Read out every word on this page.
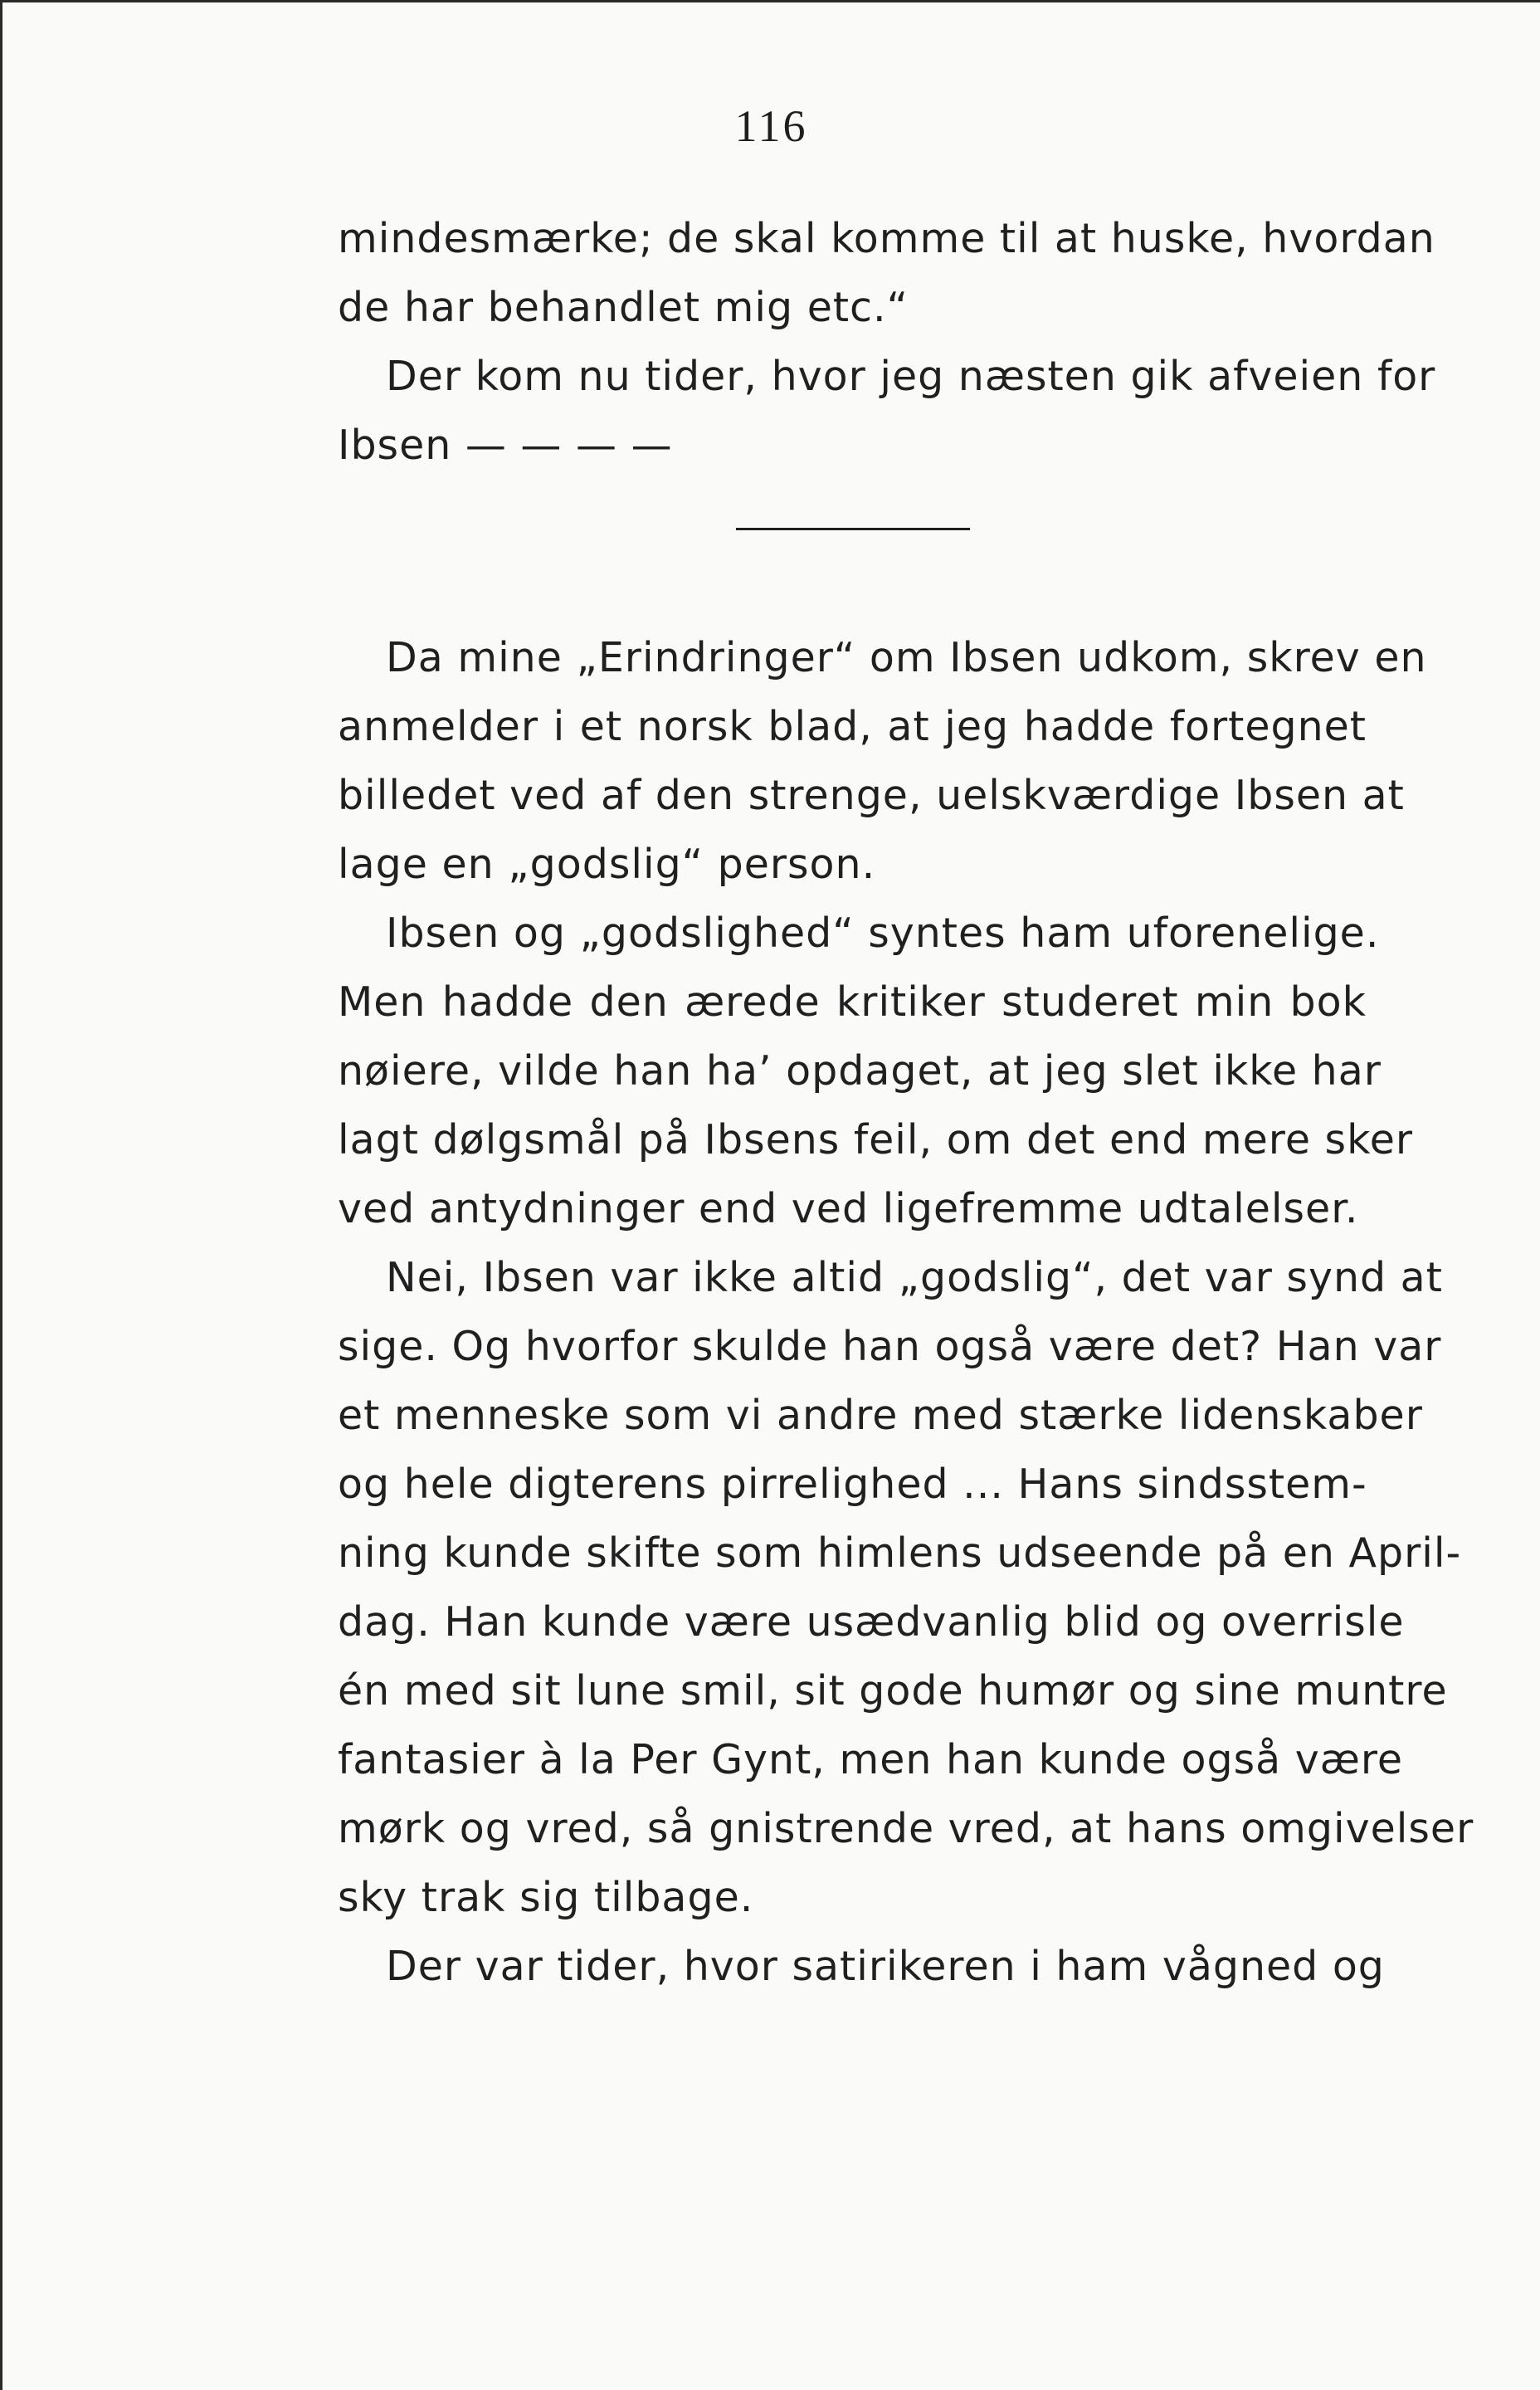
116
mindesmærke; de skal komme til at huske, hvordan
de har behandlet mig etc.“
Der kom nu tider, hvor jeg næsten gik afveien for
Ibsen — — — —
Da mine „Erindringer“ om Ibsen udkom, skrev en
anmelder i et norsk blad, at jeg hadde fortegnet
billedet ved af den strenge, uelskværdige Ibsen at
lage en „godslig“ person.
Ibsen og „godslighed“ syntes ham uforenelige.
Men hadde den ærede kritiker studeret min bok
nøiere, vilde han ha’ opdaget, at jeg slet ikke har
lagt dølgsmål på Ibsens feil, om det end mere sker
ved antydninger end ved ligefremme udtalelser.
Nei, Ibsen var ikke altid „godslig“, det var synd at
sige. Og hvorfor skulde han også være det? Han var
et menneske som vi andre med stærke lidenskaber
og hele digterens pirrelighed ... Hans sindsstem-
ning kunde skifte som himlens udseende på en April-
dag. Han kunde være usædvanlig blid og overrisle
én med sit lune smil, sit gode humør og sine muntre
fantasier à la Per Gynt, men han kunde også være
mørk og vred, så gnistrende vred, at hans omgivelser
sky trak sig tilbage.
Der var tider, hvor satirikeren i ham vågned og
